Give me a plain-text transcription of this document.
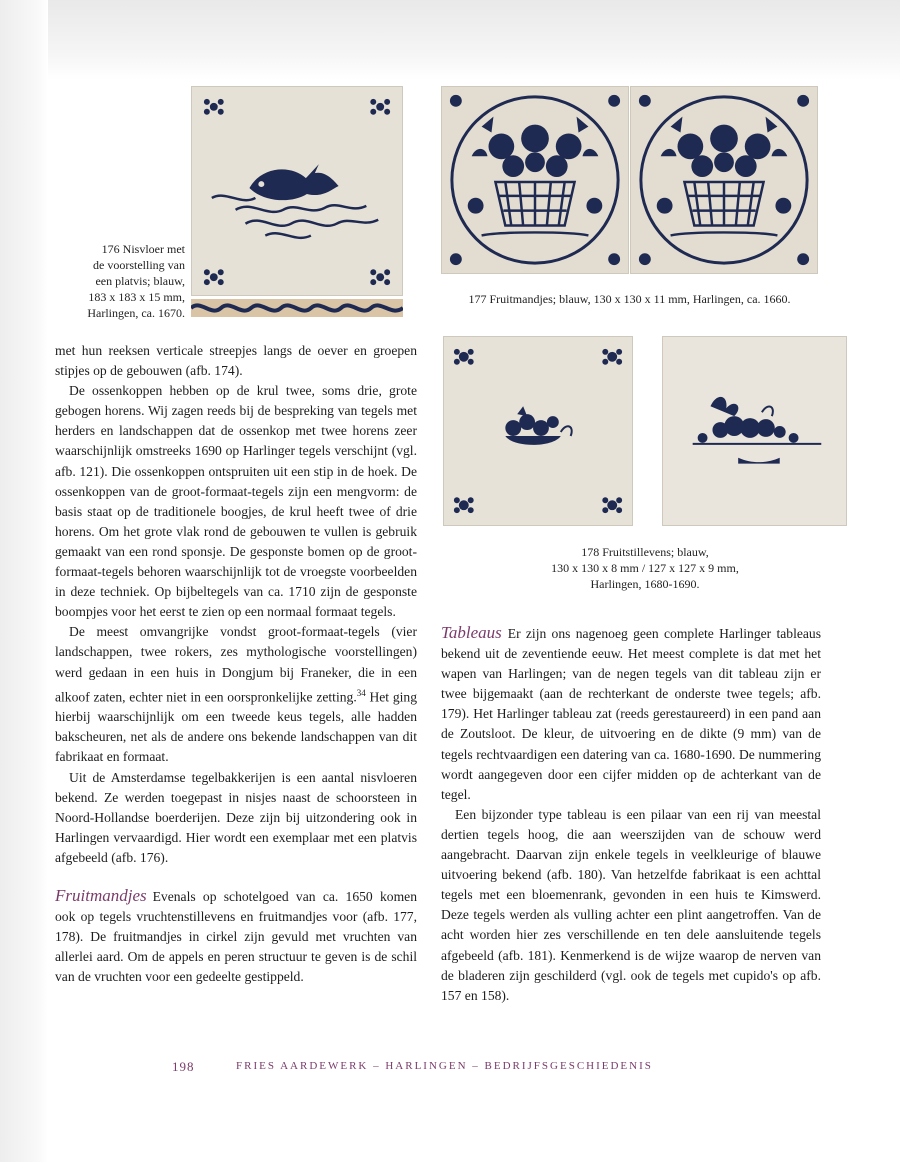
176 Nisvloer met
de voorstelling van
een platvis; blauw,
183 x 183 x 15 mm,
Harlingen, ca. 1670.
177 Fruitmandjes; blauw, 130 x 130 x 11 mm, Harlingen, ca. 1660.
178 Fruitstillevens; blauw,
130 x 130 x 8 mm / 127 x 127 x 9 mm,
Harlingen, 1680-1690.

met hun reeksen verticale streepjes langs de oever en groepen stipjes op de gebouwen (afb. 174).

De ossenkoppen hebben op de krul twee, soms drie, grote gebogen horens. Wij zagen reeds bij de bespreking van tegels met herders en landschappen dat de ossenkop met twee horens zeer waarschijnlijk omstreeks 1690 op Harlinger tegels verschijnt (vgl. afb. 121). Die ossenkoppen ontspruiten uit een stip in de hoek. De ossenkoppen van de groot-formaat-tegels zijn een mengvorm: de basis staat op de traditionele boogjes, de krul heeft twee of drie horens. Om het grote vlak rond de gebouwen te vullen is gebruik gemaakt van een rond sponsje. De gesponste bomen op de groot-formaat-tegels behoren waarschijnlijk tot de vroegste voorbeelden in deze techniek. Op bijbeltegels van ca. 1710 zijn de gesponste boompjes voor het eerst te zien op een normaal formaat tegels.

De meest omvangrijke vondst groot-formaat-tegels (vier landschappen, twee rokers, zes mythologische voorstellingen) werd gedaan in een huis in Dongjum bij Franeker, die in een alkoof zaten, echter niet in een oorspronkelijke zetting.$^{34}$ Het ging hierbij waarschijnlijk om een tweede keus tegels, alle hadden bakscheuren, net als de andere ons bekende landschappen van dit fabrikaat en formaat.

Uit de Amsterdamse tegelbakkerijen is een aantal nisvloeren bekend. Ze werden toegepast in nisjes naast de schoorsteen in Noord-Hollandse boerderijen. Deze zijn bij uitzondering ook in Harlingen vervaardigd. Hier wordt een exemplaar met een platvis afgebeeld (afb. 176).

Fruitmandjes Evenals op schotelgoed van ca. 1650 komen ook op tegels vruchtenstillevens en fruitmandjes voor (afb. 177, 178). De fruitmandjes in cirkel zijn gevuld met vruchten van allerlei aard. Om de appels en peren structuur te geven is de schil van de vruchten voor een gedeelte gestippeld.

Tableaus Er zijn ons nagenoeg geen complete Harlinger tableaus bekend uit de zeventiende eeuw. Het meest complete is dat met het wapen van Harlingen; van de negen tegels van dit tableau zijn er twee bijgemaakt (aan de rechterkant de onderste twee tegels; afb. 179). Het Harlinger tableau zat (reeds gerestaureerd) in een pand aan de Zoutsloot. De kleur, de uitvoering en de dikte (9 mm) van de tegels rechtvaardigen een datering van ca. 1680-1690. De nummering wordt aangegeven door een cijfer midden op de achterkant van de tegel.

Een bijzonder type tableau is een pilaar van een rij van meestal dertien tegels hoog, die aan weerszijden van de schouw werd aangebracht. Daarvan zijn enkele tegels in veelkleurige of blauwe uitvoering bekend (afb. 180). Van hetzelfde fabrikaat is een achttal tegels met een bloemenrank, gevonden in een huis te Kimswerd. Deze tegels werden als vulling achter een plint aangetroffen. Van de acht worden hier zes verschillende en ten dele aansluitende tegels afgebeeld (afb. 181). Kenmerkend is de wijze waarop de nerven van de bladeren zijn geschilderd (vgl. ook de tegels met cupido's op afb. 157 en 158).

198	FRIES AARDEWERK – HARLINGEN – BEDRIJFSGESCHIEDENIS
